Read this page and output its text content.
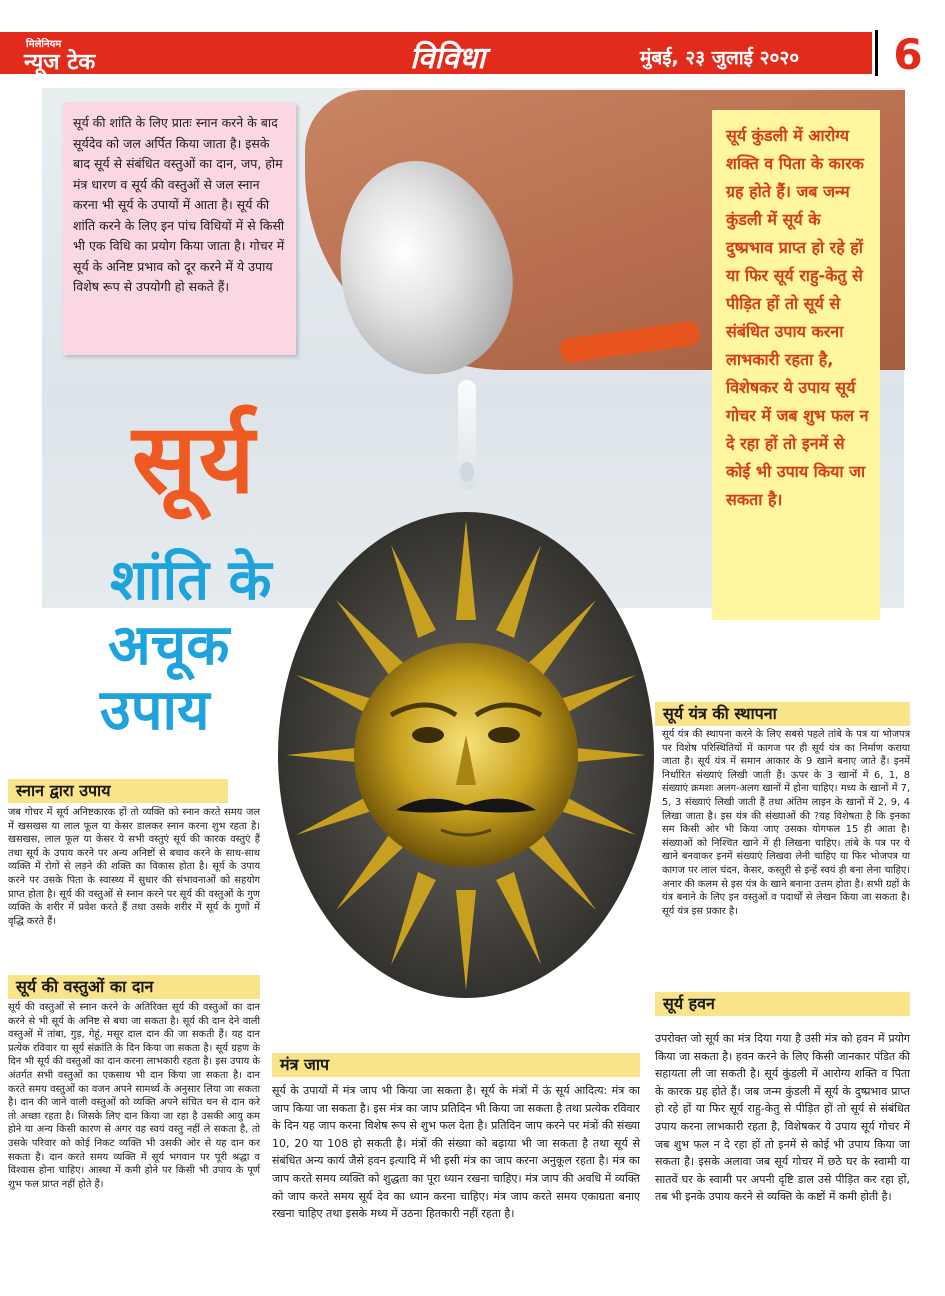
मिलेनियम
न्यूज टेक	विविधा	मुंबई, २३ जुलाई २०२०	6
सूर्य की शांति के लिए प्रातः स्नान करने के बाद सूर्यदेव को जल अर्पित किया जाता है। इसके बाद सूर्य से संबंधित वस्तुओं का दान, जप, होम मंत्र धारण व सूर्य की वस्तुओं से जल स्नान करना भी सूर्य के उपायों में आता है। सूर्य की शांति करने के लिए इन पांच विधियों में से किसी भी एक विधि का प्रयोग किया जाता है। गोचर में सूर्य के अनिष्ट प्रभाव को दूर करने में ये उपाय विशेष रूप से उपयोगी हो सकते हैं।
सूर्य कुंडली में आरोग्य शक्ति व पिता के कारक ग्रह होते हैं। जब जन्म कुंडली में सूर्य के दुष्प्रभाव प्राप्त हो रहे हों या फिर सूर्य राहु-केतु से पीड़ित हों तो सूर्य से संबंधित उपाय करना लाभकारी रहता है, विशेषकर ये उपाय सूर्य गोचर में जब शुभ फल न दे रहा हों तो इनमें से कोई भी उपाय किया जा सकता है।
सूर्य
शांति के
अचूक
उपाय
स्नान द्वारा उपाय
जब गोचर में सूर्य अनिष्टकारक हों तो व्यक्ति को स्नान करते समय जल में खसखस या लाल फूल या केसर डालकर स्नान करना शुभ रहता है। खसखस, लाल फूल या केसर ये सभी वस्तुएं सूर्य की कारक वस्तुएं हैं तथा सूर्य के उपाय करने पर अन्य अनिष्टों से बचाव करने के साथ-साथ व्यक्ति में रोगों से लड़ने की शक्ति का विकास होता है। सूर्य के उपाय करने पर उसके पिता के स्वास्थ्य में सुधार की संभावनाओं को सहयोग प्राप्त होता है। सूर्य की वस्तुओं से स्नान करने पर सूर्य की वस्तुओं के गुण व्यक्ति के शरीर में प्रवेश करते हैं तथा उसके शरीर में सूर्य के गुणों में वृद्धि करते हैं।
सूर्य की वस्तुओं का दान
सूर्य की वस्तुओं से स्नान करने के अतिरिक्त सूर्य की वस्तुओं का दान करने से भी सूर्य के अनिष्ट से बचा जा सकता है। सूर्य की दान देने वाली वस्तुओं में तांबा, गुड़, गेहूं, मसूर दाल दान की जा सकती हैं। यह दान प्रत्येक रविवार या सूर्य संक्रांति के दिन किया जा सकता है। सूर्य ग्रहण के दिन भी सूर्य की वस्तुओं का दान करना लाभकारी रहता है। इस उपाय के अंतर्गत सभी वस्तुओं का एकसाथ भी दान किया जा सकता है। दान करते समय वस्तुओं का वजन अपने सामर्थ्य के अनुसार लिया जा सकता है। दान की जाने वाली वस्तुओं को व्यक्ति अपने संचित धन से दान करे तो अच्छा रहता है। जिसके लिए दान किया जा रहा है उसकी आयु कम होने या अन्य किसी कारण से अगर वह स्वयं वस्तु नहीं ले सकता है, तो उसके परिवार को कोई निकट व्यक्ति भी उसकी ओर से यह दान कर सकता है। दान करते समय व्यक्ति में सूर्य भगवान पर पूरी श्रद्धा व विश्वास होना चाहिए। आस्था में कमी होने पर किसी भी उपाय के पूर्ण शुभ फल प्राप्त नहीं होते हैं।
मंत्र जाप
सूर्य के उपायों में मंत्र जाप भी किया जा सकता है। सूर्य के मंत्रों में ऊं सूर्य आदित्य: मंत्र का जाप किया जा सकता है। इस मंत्र का जाप प्रतिदिन भी किया जा सकता है तथा प्रत्येक रविवार के दिन यह जाप करना विशेष रूप से शुभ फल देता है। प्रतिदिन जाप करने पर मंत्रों की संख्या 10, 20 या 108 हो सकती है। मंत्रों की संख्या को बढ़ाया भी जा सकता है तथा सूर्य से संबंधित अन्य कार्य जैसे हवन इत्यादि में भी इसी मंत्र का जाप करना अनुकूल रहता है। मंत्र का जाप करते समय व्यक्ति को शुद्धता का पूरा ध्यान रखना चाहिए। मंत्र जाप की अवधि में व्यक्ति को जाप करते समय सूर्य देव का ध्यान करना चाहिए। मंत्र जाप करते समय एकाग्रता बनाए रखना चाहिए तथा इसके मध्य में उठना हितकारी नहीं रहता है।
सूर्य यंत्र की स्थापना
सूर्य यंत्र की स्थापना करने के लिए सबसे पहले तांबे के पत्र या भोजपत्र पर विशेष परिस्थितियों में कागज पर ही सूर्य यंत्र का निर्माण कराया जाता है। सूर्य यंत्र में समान आकार के 9 खाने बनाए जाते हैं। इनमें निर्धारित संख्याएं लिखी जाती हैं। ऊपर के 3 खानों में 6, 1, 8 संख्याएं क्रमशः अलग-अलग खानों में होना चाहिए। मध्य के खानों में 7, 5, 3 संख्याएं लिखी जाती हैं तथा अंतिम लाइन के खानों में 2, 9, 4 लिखा जाता है। इस यंत्र की संख्याओं की ?यह विशेषता है कि इनका सम किसी ओर भी किया जाए उसका योगफल 15 ही आता है। संख्याओं को निश्चित खाने में ही लिखना चाहिए। तांबे के पत्र पर ये खाने बनवाकर इनमें संख्याएं लिखवा लेनी चाहिए या फिर भोजपत्र या कागज पर लाल चंदन, केसर, कस्तूरी से इन्हें स्वयं ही बना लेना चाहिए। अनार की कलम से इस यंत्र के खाने बनाना उत्तम होता है। सभी ग्रहों के यंत्र बनाने के लिए इन वस्तुओं व पदार्थों से लेखन किया जा सकता है। सूर्य यंत्र इस प्रकार है।
सूर्य हवन
उपरोक्त जो सूर्य का मंत्र दिया गया है उसी मंत्र को हवन में प्रयोग किया जा सकता है। हवन करने के लिए किसी जानकार पंडित की सहायता ली जा सकती है। सूर्य कुंडली में आरोग्य शक्ति व पिता के कारक ग्रह होते हैं। जब जन्म कुंडली में सूर्य के दुष्प्रभाव प्राप्त हो रहे हों या फिर सूर्य राहु-केतु से पीड़ित हों तो सूर्य से संबंधित उपाय करना लाभकारी रहता है, विशेषकर ये उपाय सूर्य गोचर में जब शुभ फल न दे रहा हों तो इनमें से कोई भी उपाय किया जा सकता है। इसके अलावा जब सूर्य गोचर में छठे घर के स्वामी या सातवें घर के स्वामी पर अपनी दृष्टि डाल उसे पीड़ित कर रहा हों, तब भी इनके उपाय करने से व्यक्ति के कष्टों में कमी होती है।
